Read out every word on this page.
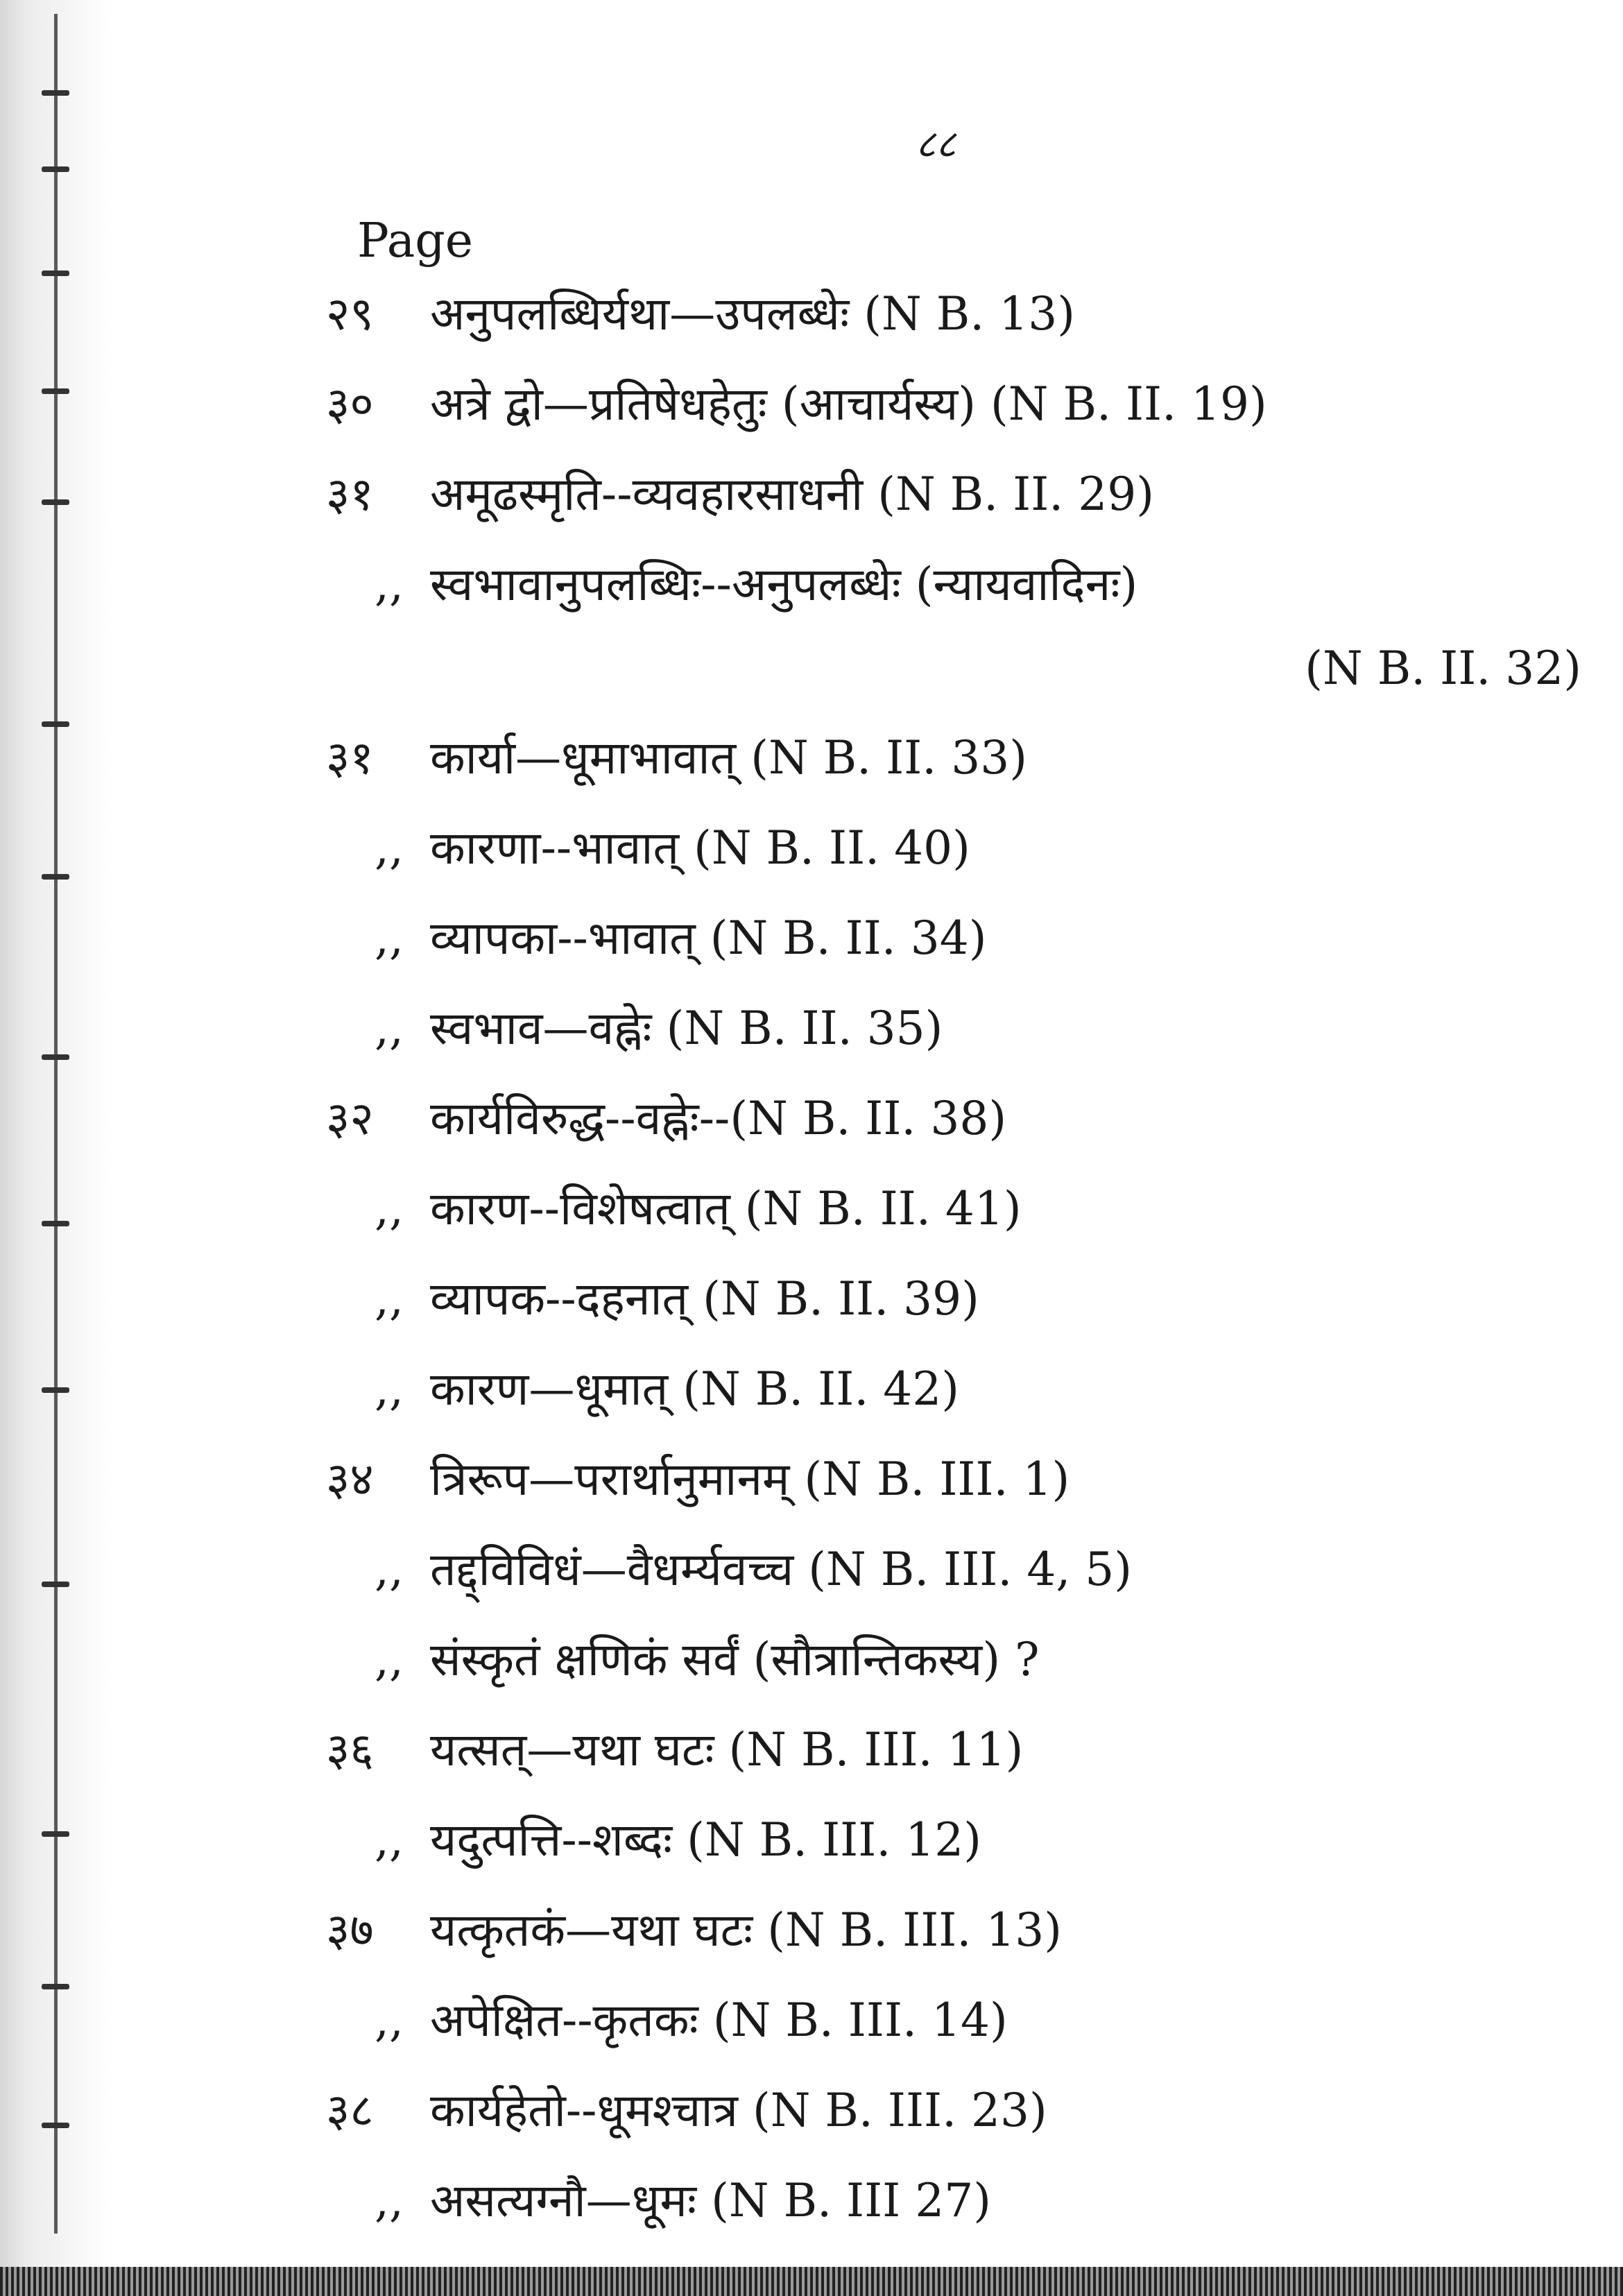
८८
Page
२९	अनुपलब्धिर्यथा—उपलब्धेः (N B. 13)
३०	अत्रे द्वो—प्रतिषेधहेतुः (आचार्यस्य) (N B. II. 19)
३१	अमूढस्मृति--व्यवहारसाधनी (N B. II. 29)
,, स्वभावानुपलब्धिः--अनुपलब्धेः (न्यायवादिनः)
(N B. II. 32)
३१	कार्या—धूमाभावात् (N B. II. 33)
,, कारणा--भावात् (N B. II. 40)
,, व्यापका--भावात् (N B. II. 34)
,, स्वभाव—वह्नेः (N B. II. 35)
३२	कार्यविरुद्ध--वह्नेः--(N B. II. 38)
,, कारण--विशेषत्वात् (N B. II. 41)
,, व्यापक--दहनात् (N B. II. 39)
,, कारण—धूमात् (N B. II. 42)
३४	त्रिरूप—परार्थानुमानम् (N B. III. 1)
,, तद्द्विविधं—वैधर्म्यवच्च (N B. III. 4, 5)
,, संस्कृतं क्षणिकं सर्वं (सौत्रान्तिकस्य) ?
३६	यत्सत्—यथा घटः (N B. III. 11)
,, यदुत्पत्ति--शब्दः (N B. III. 12)
३७	यत्कृतकं—यथा घटः (N B. III. 13)
,, अपेक्षित--कृतकः (N B. III. 14)
३८	कार्यहेतो--धूमश्चात्र (N B. III. 23)
,, असत्यग्नौ—धूमः (N B. III 27)
